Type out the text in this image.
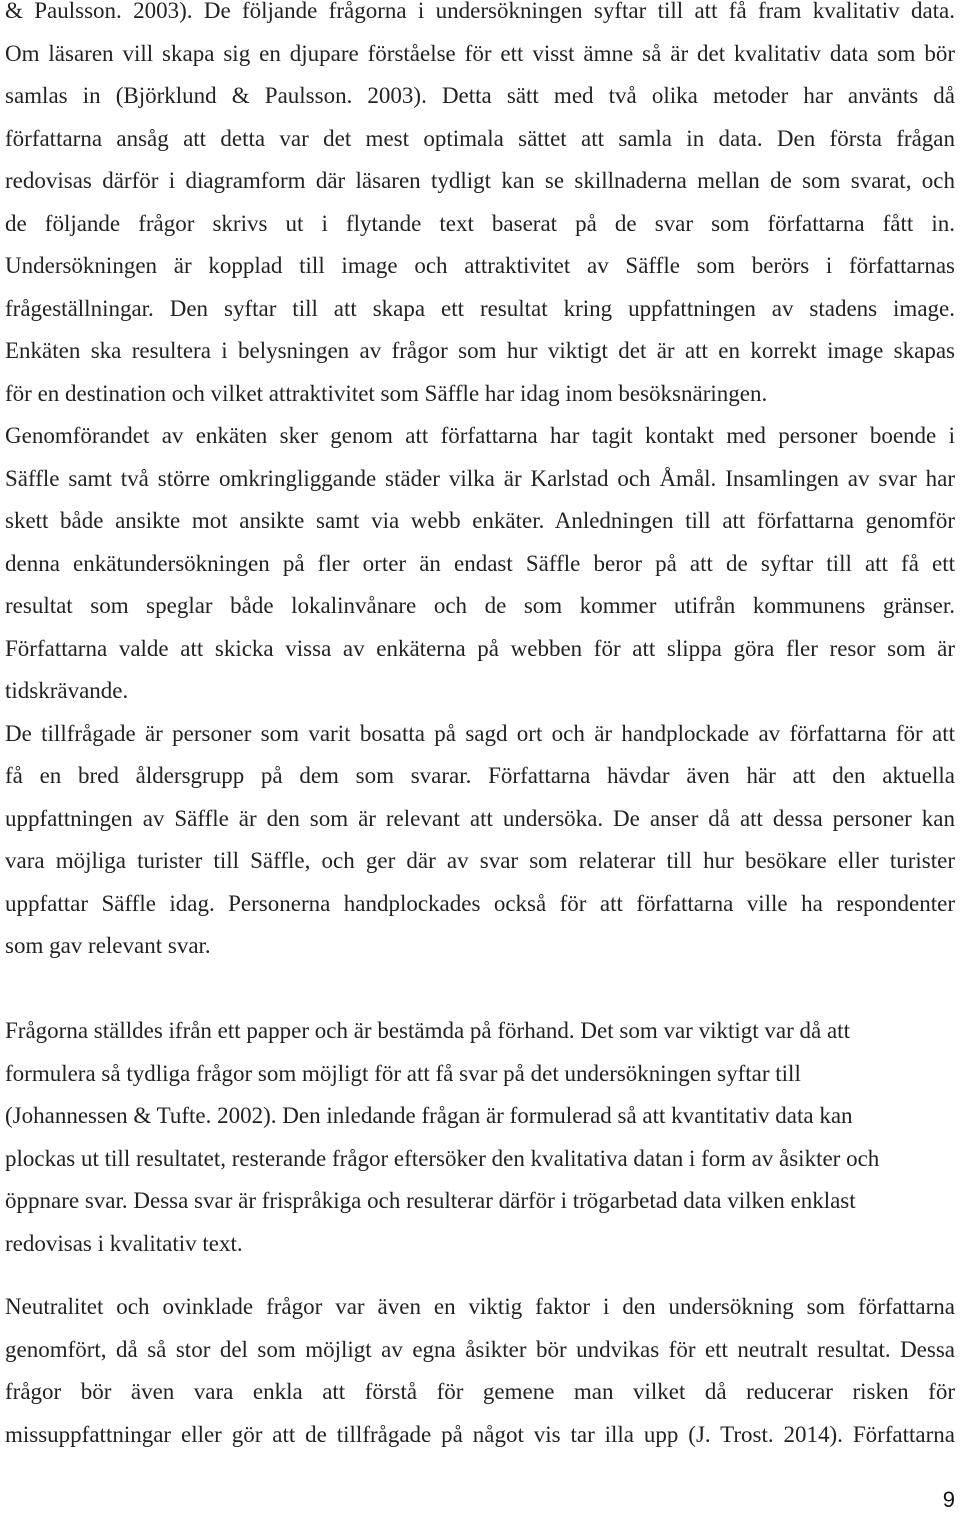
& Paulsson. 2003). De följande frågorna i undersökningen syftar till att få fram kvalitativ data.
Om läsaren vill skapa sig en djupare förståelse för ett visst ämne så är det kvalitativ data som bör
samlas in (Björklund & Paulsson. 2003). Detta sätt med två olika metoder har använts då
författarna ansåg att detta var det mest optimala sättet att samla in data. Den första frågan
redovisas därför i diagramform där läsaren tydligt kan se skillnaderna mellan de som svarat, och
de följande frågor skrivs ut i flytande text baserat på de svar som författarna fått in.
Undersökningen är kopplad till image och attraktivitet av Säffle som berörs i författarnas
frågeställningar. Den syftar till att skapa ett resultat kring uppfattningen av stadens image.
Enkäten ska resultera i belysningen av frågor som hur viktigt det är att en korrekt image skapas
för en destination och vilket attraktivitet som Säffle har idag inom besöksnäringen.
Genomförandet av enkäten sker genom att författarna har tagit kontakt med personer boende i
Säffle samt två större omkringliggande städer vilka är Karlstad och Åmål. Insamlingen av svar har
skett både ansikte mot ansikte samt via webb enkäter. Anledningen till att författarna genomför
denna enkätundersökningen på fler orter än endast Säffle beror på att de syftar till att få ett
resultat som speglar både lokalinvånare och de som kommer utifrån kommunens gränser.
Författarna valde att skicka vissa av enkäterna på webben för att slippa göra fler resor som är
tidskrävande.
De tillfrågade är personer som varit bosatta på sagd ort och är handplockade av författarna för att
få en bred åldersgrupp på dem som svarar. Författarna hävdar även här att den aktuella
uppfattningen av Säffle är den som är relevant att undersöka. De anser då att dessa personer kan
vara möjliga turister till Säffle, och ger där av svar som relaterar till hur besökare eller turister
uppfattar Säffle idag. Personerna handplockades också för att författarna ville ha respondenter
som gav relevant svar.
Frågorna ställdes ifrån ett papper och är bestämda på förhand. Det som var viktigt var då att
formulera så tydliga frågor som möjligt för att få svar på det undersökningen syftar till
(Johannessen & Tufte. 2002). Den inledande frågan är formulerad så att kvantitativ data kan
plockas ut till resultatet, resterande frågor eftersöker den kvalitativa datan i form av åsikter och
öppnare svar. Dessa svar är frispråkiga och resulterar därför i trögarbetad data vilken enklast
redovisas i kvalitativ text.
Neutralitet och ovinklade frågor var även en viktig faktor i den undersökning som författarna
genomfört, då så stor del som möjligt av egna åsikter bör undvikas för ett neutralt resultat. Dessa
frågor bör även vara enkla att förstå för gemene man vilket då reducerar risken för
missuppfattningar eller gör att de tillfrågade på något vis tar illa upp (J. Trost. 2014). Författarna
9
